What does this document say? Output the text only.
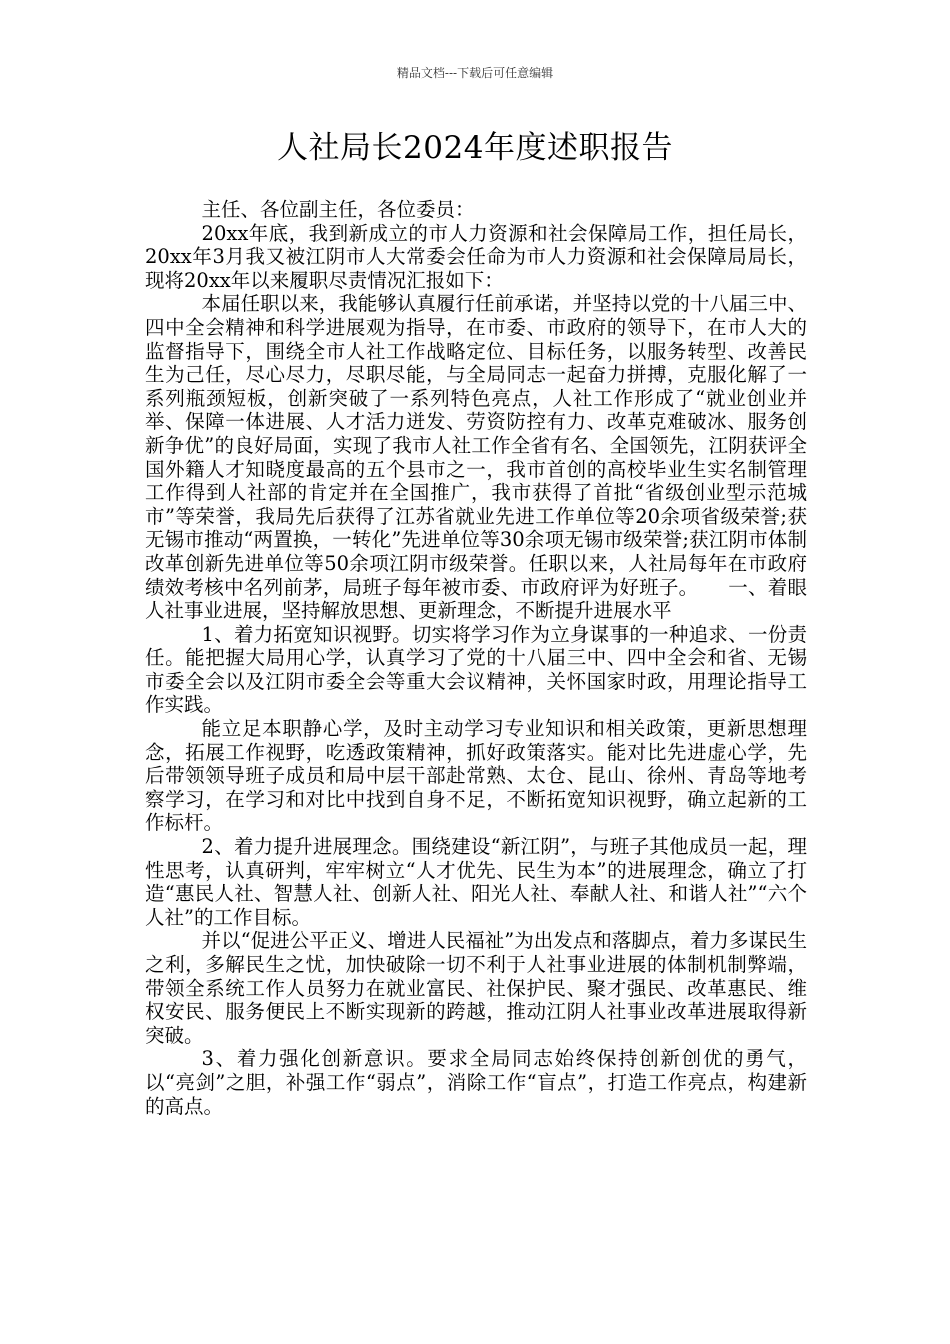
精品文档---下载后可任意编辑
人社局长2024年度述职报告

主任、各位副主任，各位委员：

20xx年底，我到新成立的市人力资源和社会保障局工作，担任局长，20xx年3月我又被江阴市人大常委会任命为市人力资源和社会保障局局长，现将20xx年以来履职尽责情况汇报如下：

本届任职以来，我能够认真履行任前承诺，并坚持以党的十八届三中、四中全会精神和科学进展观为指导，在市委、市政府的领导下，在市人大的监督指导下，围绕全市人社工作战略定位、目标任务，以服务转型、改善民生为己任，尽心尽力，尽职尽能，与全局同志一起奋力拼搏，克服化解了一系列瓶颈短板，创新突破了一系列特色亮点，人社工作形成了“就业创业并举、保障一体进展、人才活力迸发、劳资防控有力、改革克难破冰、服务创新争优”的良好局面，实现了我市人社工作全省有名、全国领先，江阴获评全国外籍人才知晓度最高的五个县市之一，我市首创的高校毕业生实名制管理工作得到人社部的肯定并在全国推广，我市获得了首批“省级创业型示范城市”等荣誉，我局先后获得了江苏省就业先进工作单位等20余项省级荣誉;获无锡市推动“两置换，一转化”先进单位等30余项无锡市级荣誉;获江阴市体制改革创新先进单位等50余项江阴市级荣誉。任职以来，人社局每年在市政府绩效考核中名列前茅，局班子每年被市委、市政府评为好班子。　　一、着眼人社事业进展，坚持解放思想、更新理念，不断提升进展水平

1、着力拓宽知识视野。切实将学习作为立身谋事的一种追求、一份责任。能把握大局用心学，认真学习了党的十八届三中、四中全会和省、无锡市委全会以及江阴市委全会等重大会议精神，关怀国家时政，用理论指导工作实践。

能立足本职静心学，及时主动学习专业知识和相关政策，更新思想理念，拓展工作视野，吃透政策精神，抓好政策落实。能对比先进虚心学，先后带领领导班子成员和局中层干部赴常熟、太仓、昆山、徐州、青岛等地考察学习，在学习和对比中找到自身不足，不断拓宽知识视野，确立起新的工作标杆。

2、着力提升进展理念。围绕建设“新江阴”，与班子其他成员一起，理性思考，认真研判，牢牢树立“人才优先、民生为本”的进展理念，确立了打造“惠民人社、智慧人社、创新人社、阳光人社、奉献人社、和谐人社”“六个人社”的工作目标。

并以“促进公平正义、增进人民福祉”为出发点和落脚点，着力多谋民生之利，多解民生之忧，加快破除一切不利于人社事业进展的体制机制弊端，带领全系统工作人员努力在就业富民、社保护民、聚才强民、改革惠民、维权安民、服务便民上不断实现新的跨越，推动江阴人社事业改革进展取得新突破。

3、着力强化创新意识。要求全局同志始终保持创新创优的勇气，以“亮剑”之胆，补强工作“弱点”，消除工作“盲点”，打造工作亮点，构建新的高点。
